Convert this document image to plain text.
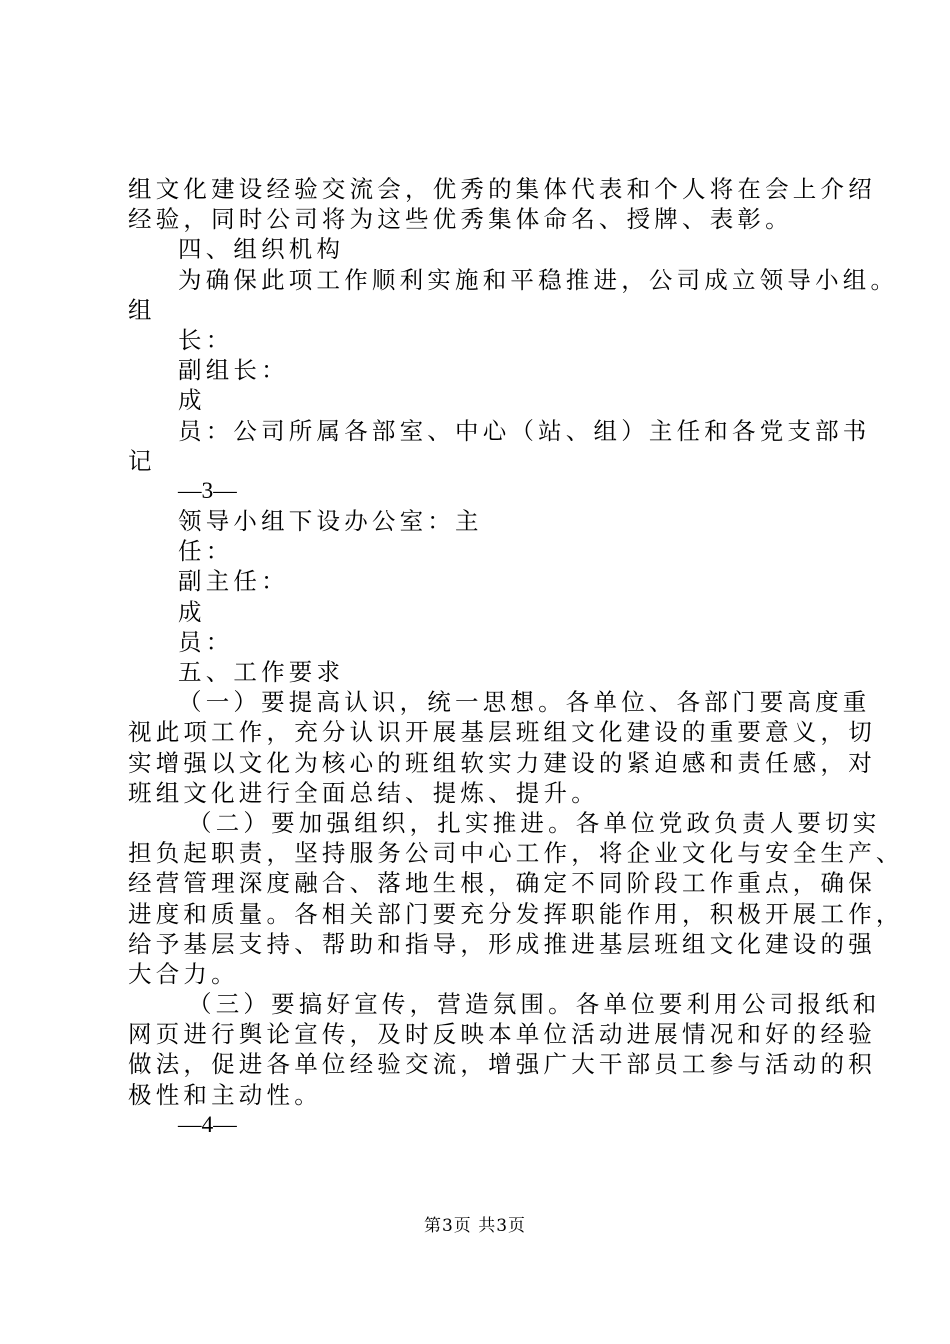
组文化建设经验交流会，优秀的集体代表和个人将在会上介绍
经验，同时公司将为这些优秀集体命名、授牌、表彰。
四、组织机构
为确保此项工作顺利实施和平稳推进，公司成立领导小组。
组
长：
副组长：
成
员：公司所属各部室、中心（站、组）主任和各党支部书
记
—3—
领导小组下设办公室：主
任：
副主任：
成
员：
五、工作要求
（一）要提高认识，统一思想。各单位、各部门要高度重
视此项工作，充分认识开展基层班组文化建设的重要意义，切
实增强以文化为核心的班组软实力建设的紧迫感和责任感，对
班组文化进行全面总结、提炼、提升。
（二）要加强组织，扎实推进。各单位党政负责人要切实
担负起职责，坚持服务公司中心工作，将企业文化与安全生产、
经营管理深度融合、落地生根，确定不同阶段工作重点，确保
进度和质量。各相关部门要充分发挥职能作用，积极开展工作，
给予基层支持、帮助和指导，形成推进基层班组文化建设的强
大合力。
（三）要搞好宣传，营造氛围。各单位要利用公司报纸和
网页进行舆论宣传，及时反映本单位活动进展情况和好的经验
做法，促进各单位经验交流，增强广大干部员工参与活动的积
极性和主动性。
—4—
第3页 共3页
